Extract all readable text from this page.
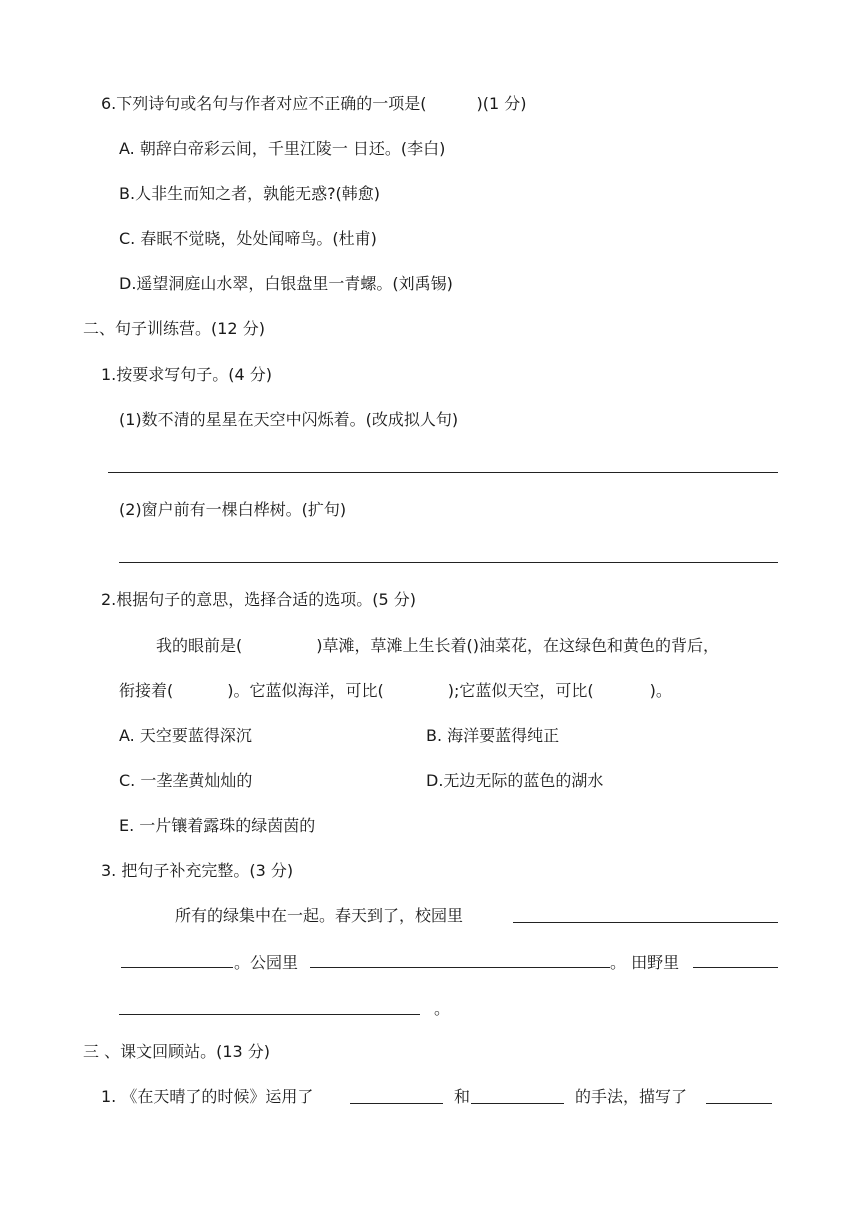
6.下列诗句或名句与作者对应不正确的一项是(	)(1 分)
A. 朝辞白帝彩云间，千里江陵一 日还。(李白)
B.人非生而知之者，孰能无惑?(韩愈)
C. 春眠不觉晓，处处闻啼鸟。(杜甫)
D.遥望洞庭山水翠，白银盘里一青螺。(刘禹锡)
二、句子训练营。(12 分)
1.按要求写句子。(4 分)
(1)数不清的星星在天空中闪烁着。(改成拟人句)
(2)窗户前有一棵白桦树。(扩句)
2.根据句子的意思，选择合适的选项。(5 分)
我的眼前是(	)草滩，草滩上生长着()油菜花，在这绿色和黄色的背后，
衔接着(	)。它蓝似海洋，可比(	);它蓝似天空，可比(	)。
A. 天空要蓝得深沉	B. 海洋要蓝得纯正
C. 一垄垄黄灿灿的	D.无边无际的蓝色的湖水
E. 一片镶着露珠的绿茵茵的
3. 把句子补充完整。(3 分)
所有的绿集中在一起。春天到了，校园里
。公园里	。 田野里
。
三 、课文回顾站。(13 分)
1. 《在天晴了的时候》运用了	和	的手法，描写了
